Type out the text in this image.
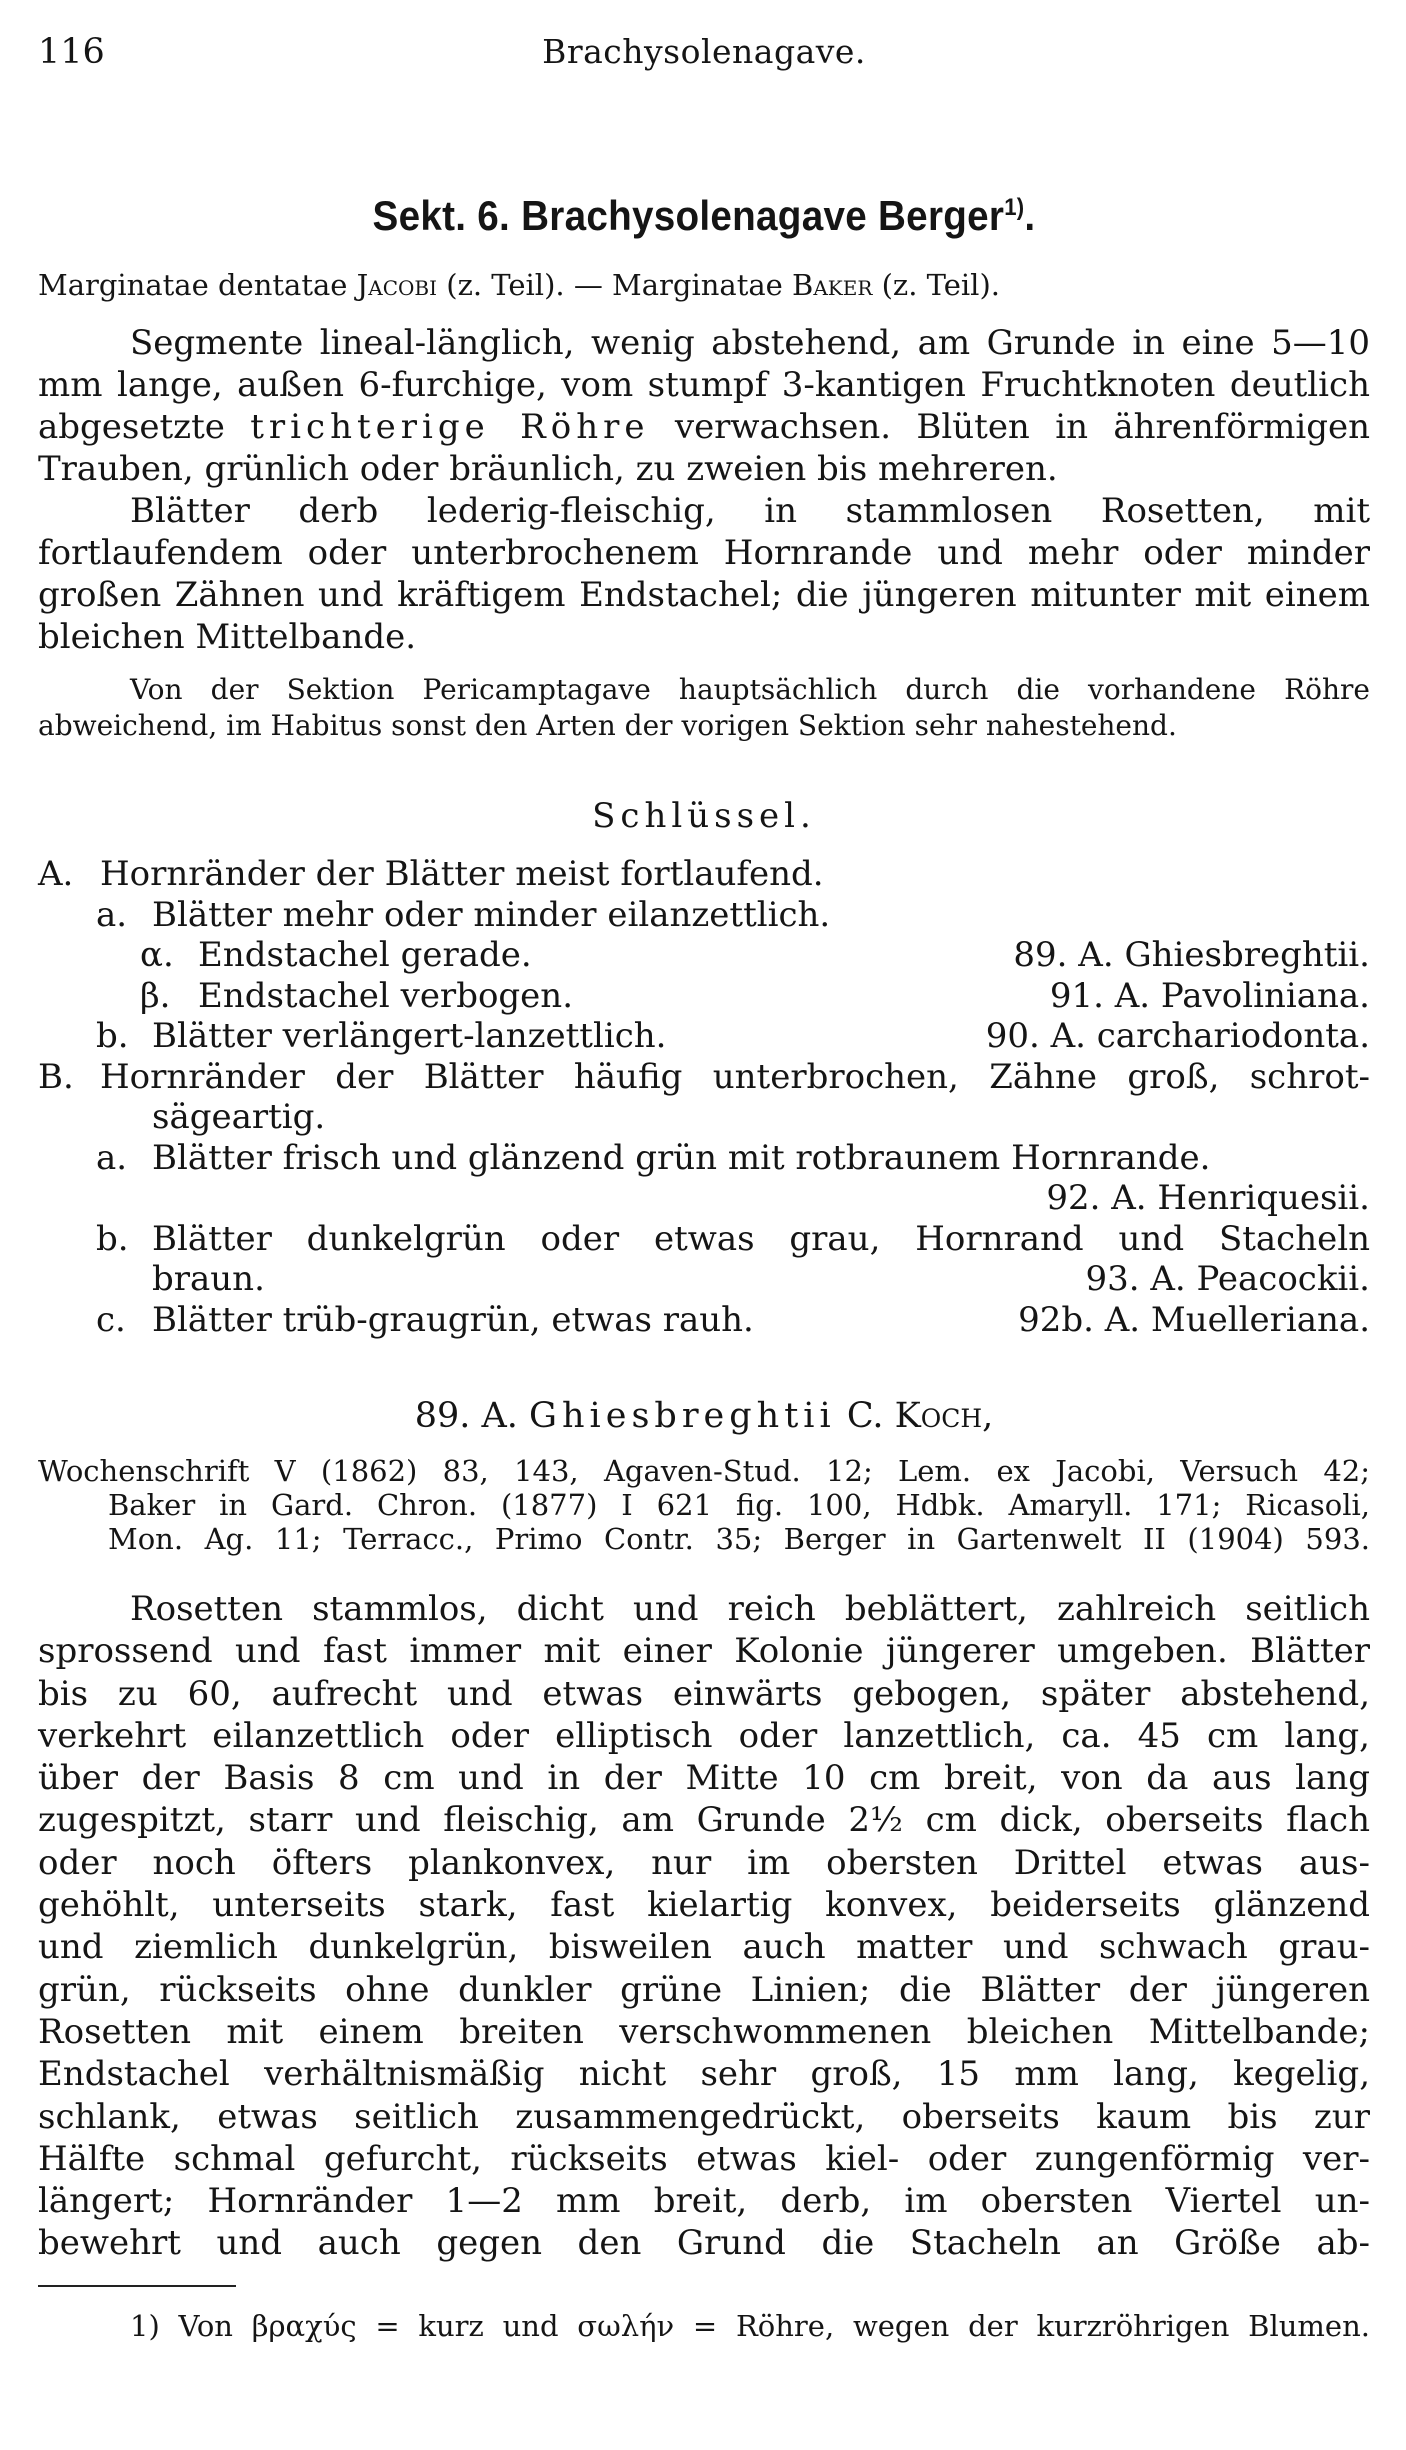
116	Brachysolenagave.
Sekt. 6. Brachysolenagave Berger$^{1)}$.
Marginatae dentatae Jacobi (z. Teil). — Marginatae Baker (z. Teil).

Segmente lineal-länglich, wenig abstehend, am Grunde in eine 5—10 mm lange, außen 6-furchige, vom stumpf 3-kantigen Fruchtknoten deutlich abgesetzte trichterige Röhre verwachsen. Blüten in ährenförmigen Trauben, grünlich oder bräunlich, zu zweien bis mehreren.

Blätter derb lederig-fleischig, in stammlosen Rosetten, mit fortlaufendem oder unterbrochenem Hornrande und mehr oder minder großen Zähnen und kräftigem Endstachel; die jüngeren mitunter mit einem bleichen Mittelbande.

Von der Sektion Pericamptagave hauptsächlich durch die vorhandene Röhre abweichend, im Habitus sonst den Arten der vorigen Sektion sehr nahestehend.

Schlüssel.
A. Hornränder der Blätter meist fortlaufend.
a. Blätter mehr oder minder eilanzettlich.
α. Endstachel gerade.	89. A. Ghiesbreghtii.
β. Endstachel verbogen.	91. A. Pavoliniana.
b. Blätter verlängert-lanzettlich.	90. A. carchariodonta.
B. Hornränder der Blätter häufig unterbrochen, Zähne groß, schrot-
sägeartig.
a. Blätter frisch und glänzend grün mit rotbraunem Hornrande.
92. A. Henriquesii.
b. Blätter dunkelgrün oder etwas grau, Hornrand und Stacheln
braun.	93. A. Peacockii.
c. Blätter trüb-graugrün, etwas rauh.	92b. A. Muelleriana.
89. A. Ghiesbreghtii C. Koch,
Wochenschrift V (1862) 83, 143, Agaven-Stud. 12; Lem. ex Jacobi, Versuch 42;
Baker in Gard. Chron. (1877) I 621 fig. 100, Hdbk. Amaryll. 171; Ricasoli,
Mon. Ag. 11; Terracc., Primo Contr. 35; Berger in Gartenwelt II (1904) 593.
Rosetten stammlos, dicht und reich beblättert, zahlreich seitlich
sprossend und fast immer mit einer Kolonie jüngerer umgeben. Blätter
bis zu 60, aufrecht und etwas einwärts gebogen, später abstehend,
verkehrt eilanzettlich oder elliptisch oder lanzettlich, ca. 45 cm lang,
über der Basis 8 cm und in der Mitte 10 cm breit, von da aus lang
zugespitzt, starr und fleischig, am Grunde 2½ cm dick, oberseits flach
oder noch öfters plankonvex, nur im obersten Drittel etwas aus-
gehöhlt, unterseits stark, fast kielartig konvex, beiderseits glänzend
und ziemlich dunkelgrün, bisweilen auch matter und schwach grau-
grün, rückseits ohne dunkler grüne Linien; die Blätter der jüngeren
Rosetten mit einem breiten verschwommenen bleichen Mittelbande;
Endstachel verhältnismäßig nicht sehr groß, 15 mm lang, kegelig,
schlank, etwas seitlich zusammengedrückt, oberseits kaum bis zur
Hälfte schmal gefurcht, rückseits etwas kiel- oder zungenförmig ver-
längert; Hornränder 1—2 mm breit, derb, im obersten Viertel un-
bewehrt und auch gegen den Grund die Stacheln an Größe ab-
1) Von βραχύς = kurz und σωλήν = Röhre, wegen der kurzröhrigen Blumen.
